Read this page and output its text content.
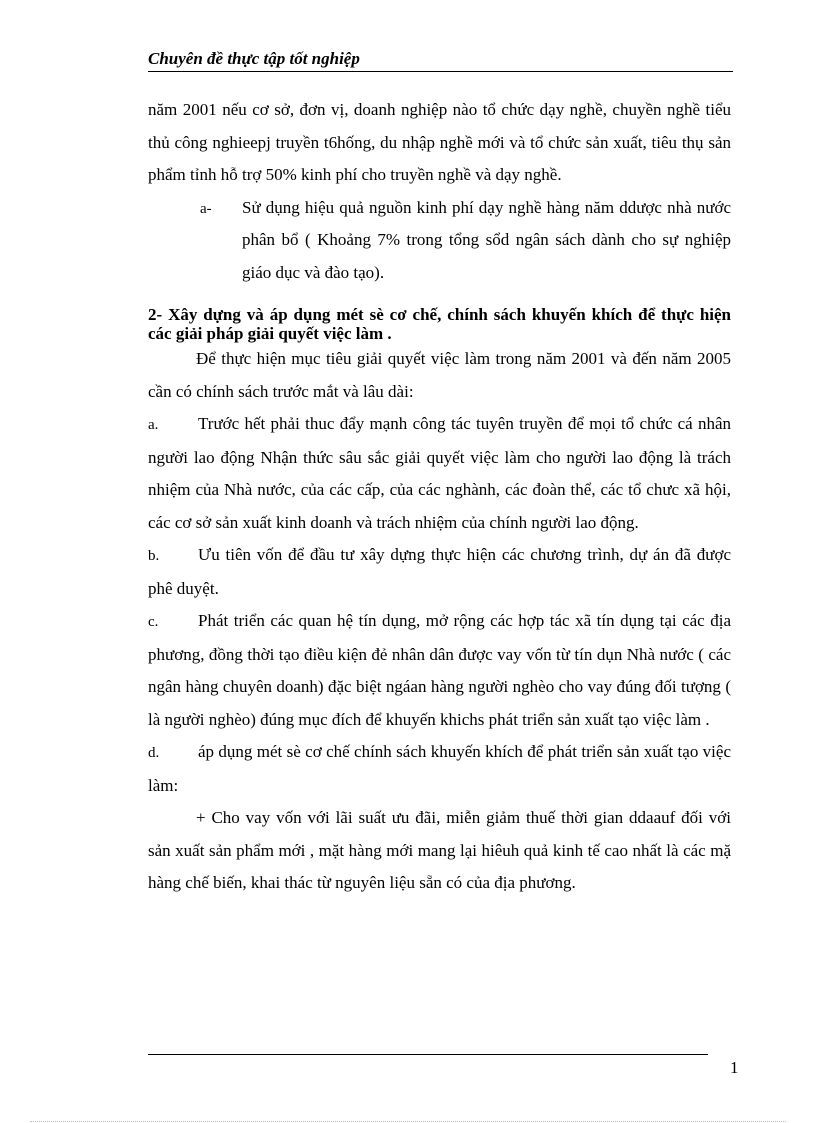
Chuyên đề thực tập tốt nghiệp

năm 2001 nếu cơ sở, đơn vị, doanh nghiệp nào tổ chức dạy nghề, chuyền nghề tiểu thủ công nghieepj truyền t6hống, du nhập nghề mới và tổ chức sản xuất, tiêu thụ sản phẩm tỉnh hỗ trợ 50% kinh phí cho truyền nghề và dạy nghề.

a-	Sử dụng hiệu quả nguồn kinh phí dạy nghề hàng năm ddược nhà nước phân bổ ( Khoảng 7% trong tổng sổd ngân sách dành cho sự nghiệp giáo dục và đào tạo).

2- Xây dựng và áp dụng mét sè cơ chế, chính sách khuyến khích để thực hiện các giải pháp giải quyết việc làm .

Để thực hiện mục tiêu giải quyết việc làm trong năm 2001 và đến năm 2005 cần có chính sách trước mắt và lâu dài:

a. Trước hết phải thuc đẩy mạnh công tác tuyên truyền để mọi tổ chức cá nhân người lao động Nhận thức sâu sắc giải quyết việc làm cho người lao động là trách nhiệm của Nhà nước, của các cấp, của các nghành, các đoàn thể, các tổ chưc xã hội, các cơ sở sản xuất kinh doanh và trách nhiệm của chính người lao động.

b. Ưu tiên vốn để đầu tư xây dựng thực hiện các chương trình, dự án đã được phê duyệt.

c. Phát triển các quan hệ tín dụng, mở rộng các hợp tác xã tín dụng tại các địa phương, đồng thời tạo điều kiện đẻ nhân dân được vay vốn từ tín dụn Nhà nước ( các ngân hàng chuyên doanh) đặc biệt ngáan hàng người nghèo cho vay đúng đối tượng ( là người nghèo) đúng mục đích để khuyến khichs phát triển sản xuất tạo việc làm .

d. áp dụng mét sè cơ chế chính sách khuyến khích để phát triển sản xuất tạo việc làm:

+ Cho vay vốn với lãi suất ưu đãi, miễn giảm thuế thời gian ddaauf đối với sản xuất sản phẩm mới , mặt hàng mới mang lại hiêuh quả kinh tế cao nhất là các mặ hàng chế biến, khai thác từ nguyên liệu sẵn có của địa phương.

1
